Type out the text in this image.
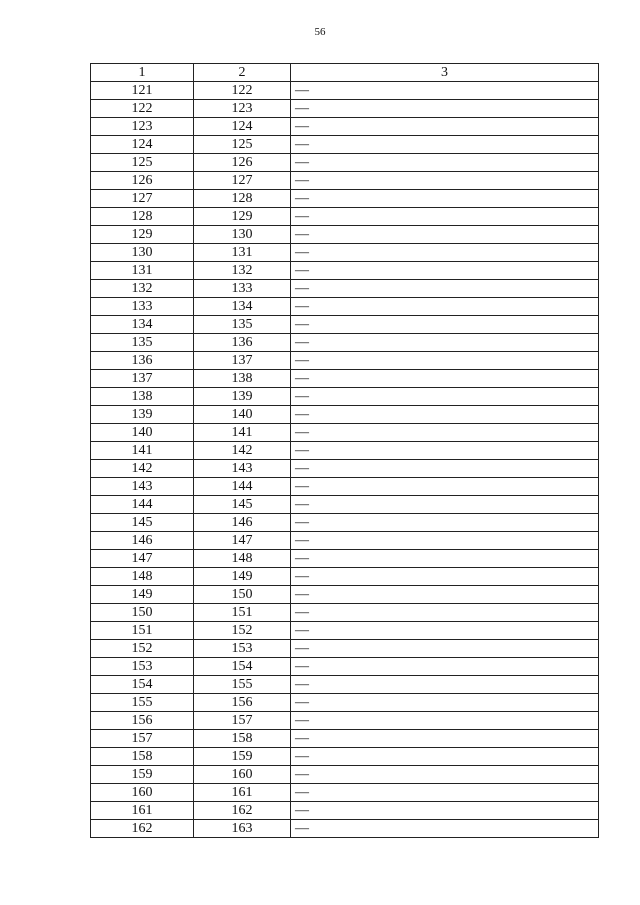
56
1	2	3
121	122	—
122	123	—
123	124	—
124	125	—
125	126	—
126	127	—
127	128	—
128	129	—
129	130	—
130	131	—
131	132	—
132	133	—
133	134	—
134	135	—
135	136	—
136	137	—
137	138	—
138	139	—
139	140	—
140	141	—
141	142	—
142	143	—
143	144	—
144	145	—
145	146	—
146	147	—
147	148	—
148	149	—
149	150	—
150	151	—
151	152	—
152	153	—
153	154	—
154	155	—
155	156	—
156	157	—
157	158	—
158	159	—
159	160	—
160	161	—
161	162	—
162	163	—
